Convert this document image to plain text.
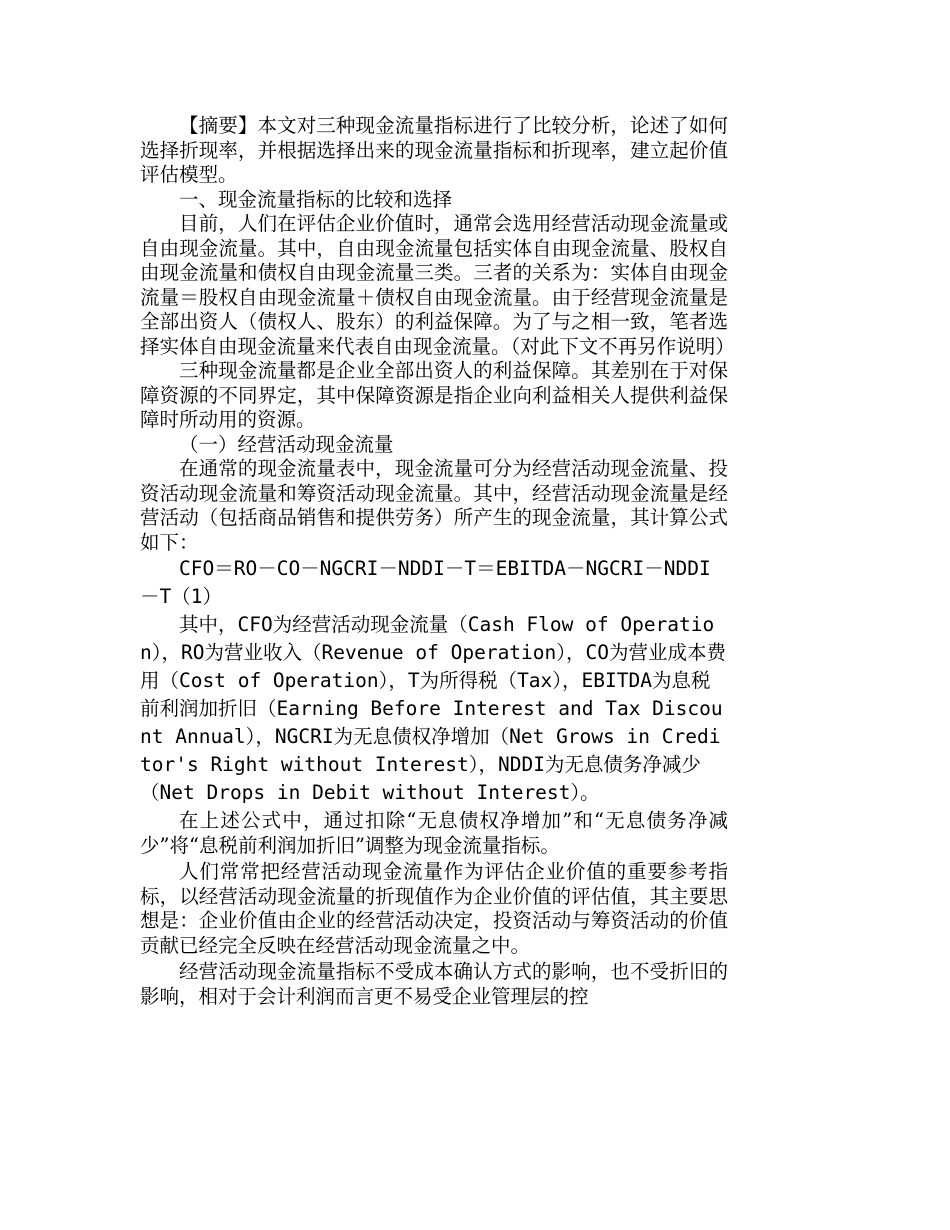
【摘要】本文对三种现金流量指标进行了比较分析，论述了如何选择折现率，并根据选择出来的现金流量指标和折现率，建立起价值评估模型。

一、现金流量指标的比较和选择

目前，人们在评估企业价值时，通常会选用经营活动现金流量或自由现金流量。其中，自由现金流量包括实体自由现金流量、股权自由现金流量和债权自由现金流量三类。三者的关系为：实体自由现金流量＝股权自由现金流量＋债权自由现金流量。由于经营现金流量是全部出资人（债权人、股东）的利益保障。为了与之相一致，笔者选择实体自由现金流量来代表自由现金流量。（对此下文不再另作说明）

三种现金流量都是企业全部出资人的利益保障。其差别在于对保障资源的不同界定，其中保障资源是指企业向利益相关人提供利益保障时所动用的资源。

（一）经营活动现金流量

在通常的现金流量表中，现金流量可分为经营活动现金流量、投资活动现金流量和筹资活动现金流量。其中，经营活动现金流量是经营活动（包括商品销售和提供劳务）所产生的现金流量，其计算公式如下：

CFO＝RO－CO－NGCRI－NDDI－T＝EBITDA－NGCRI－NDDI－T（1）

其中，CFO为经营活动现金流量（Cash Flow of Operation），RO为营业收入（Revenue of Operation），CO为营业成本费用（Cost of Operation），T为所得税（Tax），EBITDA为息税前利润加折旧（Earning Before Interest and Tax Discount Annual），NGCRI为无息债权净增加（Net Grows in Creditor's Right without Interest），NDDI为无息债务净减少（Net Drops in Debit without Interest）。

在上述公式中，通过扣除“无息债权净增加”和“无息债务净减少”将“息税前利润加折旧”调整为现金流量指标。

人们常常把经营活动现金流量作为评估企业价值的重要参考指标，以经营活动现金流量的折现值作为企业价值的评估值，其主要思想是：企业价值由企业的经营活动决定，投资活动与筹资活动的价值贡献已经完全反映在经营活动现金流量之中。

经营活动现金流量指标不受成本确认方式的影响，也不受折旧的影响，相对于会计利润而言更不易受企业管理层的控
